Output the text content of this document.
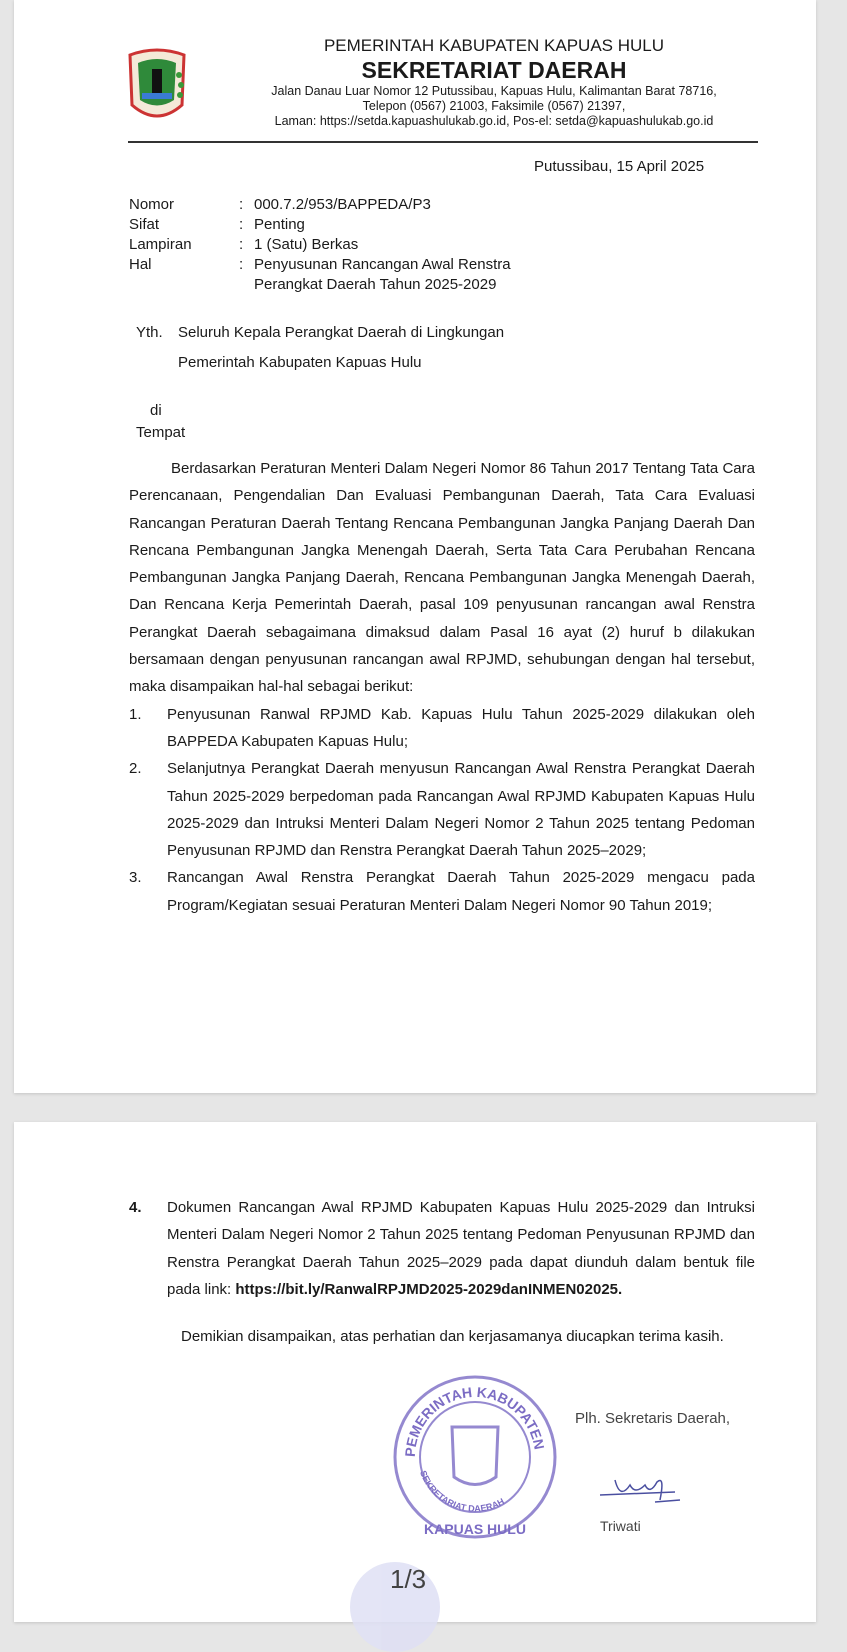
PEMERINTAH KABUPATEN KAPUAS HULU
SEKRETARIAT DAERAH
Jalan Danau Luar Nomor 12 Putussibau, Kapuas Hulu, Kalimantan Barat 78716,
Telepon (0567) 21003, Faksimile (0567) 21397,
Laman: https://setda.kapuashulukab.go.id, Pos-el: setda@kapuashulukab.go.id
Putussibau, 15 April 2025
Nomor	: 000.7.2/953/BAPPEDA/P3
Sifat	: Penting
Lampiran	: 1 (Satu) Berkas
Hal	: Penyusunan Rancangan Awal Renstra
Perangkat Daerah Tahun 2025-2029
Yth. Seluruh Kepala Perangkat Daerah di Lingkungan
Pemerintah Kabupaten Kapuas Hulu
di
Tempat

Berdasarkan Peraturan Menteri Dalam Negeri Nomor 86 Tahun 2017 Tentang Tata Cara Perencanaan, Pengendalian Dan Evaluasi Pembangunan Daerah, Tata Cara Evaluasi Rancangan Peraturan Daerah Tentang Rencana Pembangunan Jangka Panjang Daerah Dan Rencana Pembangunan Jangka Menengah Daerah, Serta Tata Cara Perubahan Rencana Pembangunan Jangka Panjang Daerah, Rencana Pembangunan Jangka Menengah Daerah, Dan Rencana Kerja Pemerintah Daerah, pasal 109 penyusunan rancangan awal Renstra Perangkat Daerah sebagaimana dimaksud dalam Pasal 16 ayat (2) huruf b dilakukan bersamaan dengan penyusunan rancangan awal RPJMD, sehubungan dengan hal tersebut, maka disampaikan hal-hal sebagai berikut:

1. Penyusunan Ranwal RPJMD Kab. Kapuas Hulu Tahun 2025-2029 dilakukan oleh BAPPEDA Kabupaten Kapuas Hulu;
2. Selanjutnya Perangkat Daerah menyusun Rancangan Awal Renstra Perangkat Daerah Tahun 2025-2029 berpedoman pada Rancangan Awal RPJMD Kabupaten Kapuas Hulu 2025-2029 dan Intruksi Menteri Dalam Negeri Nomor 2 Tahun 2025 tentang Pedoman Penyusunan RPJMD dan Renstra Perangkat Daerah Tahun 2025–2029;
3. Rancangan Awal Renstra Perangkat Daerah Tahun 2025-2029 mengacu pada Program/Kegiatan sesuai Peraturan Menteri Dalam Negeri Nomor 90 Tahun 2019;
4. Dokumen Rancangan Awal RPJMD Kabupaten Kapuas Hulu 2025-2029 dan Intruksi Menteri Dalam Negeri Nomor 2 Tahun 2025 tentang Pedoman Penyusunan RPJMD dan Renstra Perangkat Daerah Tahun 2025–2029 pada dapat diunduh dalam bentuk file pada link: https://bit.ly/RanwalRPJMD2025-2029danINMEN02025.

Demikian disampaikan, atas perhatian dan kerjasamanya diucapkan terima kasih.

PEMERINTAH KABUPATEN
SEKRETARIAT DAERAH
KAPUAS HULU
Plh. Sekretaris Daerah,
Triwati
1/3
